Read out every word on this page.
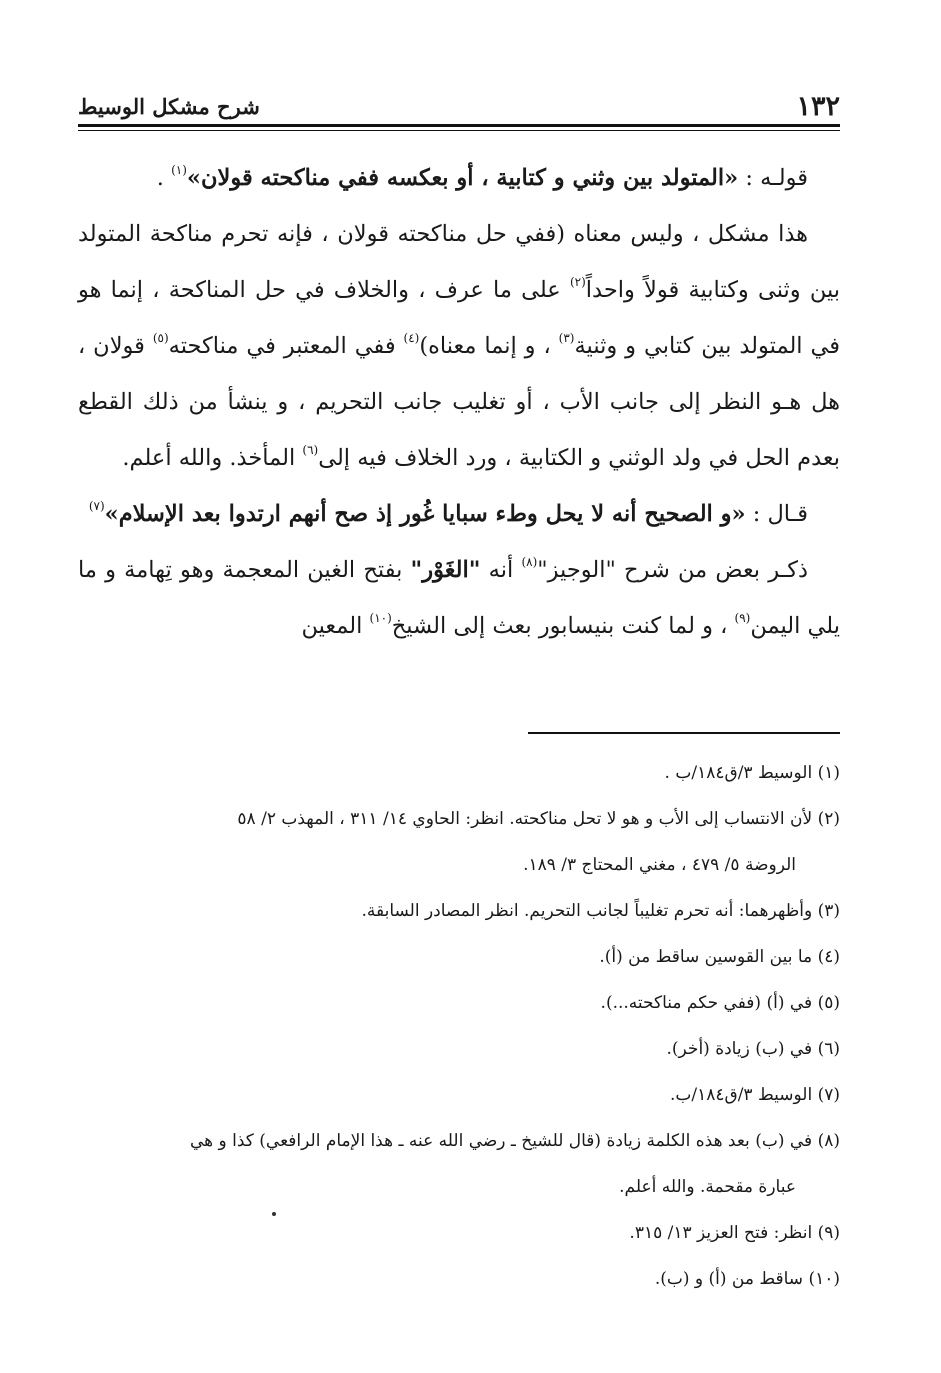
١٣٢
شرح مشكل الوسيط

قولـه : «المتولد بين وثني و كتابية ، أو بعكسه ففي مناكحته قولان»$^{(١)}$ .

هذا مشكل ، وليس معناه (ففي حل مناكحته قولان ، فإنه تحرم مناكحة المتولد بين وثنى وكتابية قولاً واحداً$^{(٢)}$ على ما عرف ، والخلاف في حل المناكحة ، إنما هو في المتولد بين كتابي و وثنية$^{(٣)}$ ، و إنما معناه)$^{(٤)}$ ففي المعتبر في مناكحته$^{(٥)}$ قولان ، هل هـو النظر إلى جانب الأب ، أو تغليب جانب التحريم ، و ينشأ من ذلك القطع بعدم الحل في ولد الوثني و الكتابية ، ورد الخلاف فيه إلى$^{(٦)}$ المأخذ. والله أعلم.

قـال : «و الصحيح أنه لا يحل وطء سبايا غُور إذ صح أنهم ارتدوا بعد الإسلام»$^{(٧)}$

ذكـر بعض من شرح "الوجيز"$^{(٨)}$ أنه "الغَوْر" بفتح الغين المعجمة وهو تِهامة و ما يلي اليمن$^{(٩)}$ ، و لما كنت بنيسابور بعث إلى الشيخ$^{(١٠)}$ المعين

(١) الوسيط ٣/ق١٨٤/ب .

(٢) لأن الانتساب إلى الأب و هو لا تحل مناكحته. انظر: الحاوي ١٤/ ٣١١ ، المهذب ٢/ ٥٨
الروضة ٥/ ٤٧٩ ، مغني المحتاج ٣/ ١٨٩.

(٣) وأظهرهما: أنه تحرم تغليباً لجانب التحريم. انظر المصادر السابقة.

(٤) ما بين القوسين ساقط من (أ).

(٥) في (أ) (ففي حكم مناكحته...).

(٦) في (ب) زيادة (أخر).

(٧) الوسيط ٣/ق١٨٤/ب.

(٨) في (ب) بعد هذه الكلمة زيادة (قال للشيخ ـ رضي الله عنه ـ هذا الإمام الرافعي) كذا و هي
عبارة مقحمة. والله أعلم.

(٩) انظر: فتح العزيز ١٣/ ٣١٥.

(١٠) ساقط من (أ) و (ب).
